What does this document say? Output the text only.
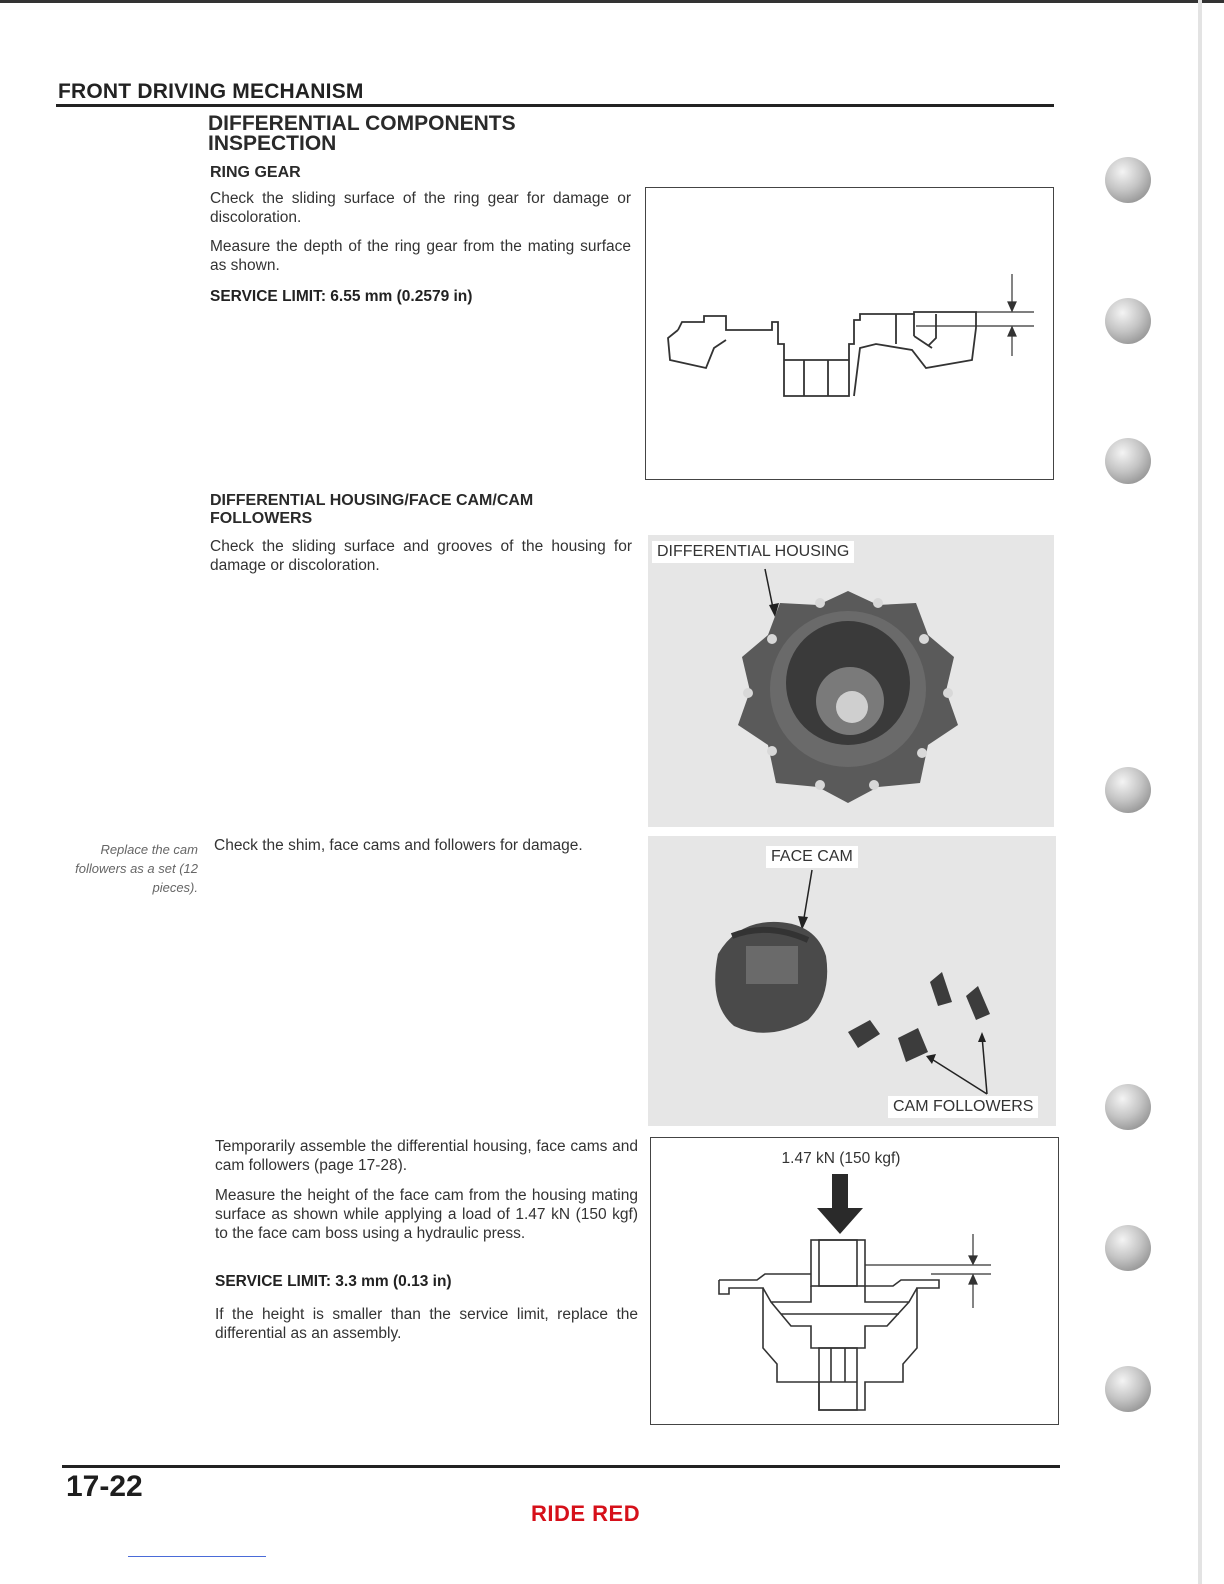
FRONT DRIVING MECHANISM
DIFFERENTIAL COMPONENTS
INSPECTION
RING GEAR
Check the sliding surface of the ring gear for damage or discoloration.
Measure the depth of the ring gear from the mating surface as shown.
SERVICE LIMIT: 6.55 mm (0.2579 in)
DIFFERENTIAL HOUSING/FACE CAM/CAM
FOLLOWERS
Check the sliding surface and grooves of the housing for damage or discoloration.
DIFFERENTIAL HOUSING
Replace the cam followers as a set (12 pieces).
Check the shim, face cams and followers for damage.
FACE CAM
CAM FOLLOWERS
Temporarily assemble the differential housing, face cams and cam followers (page 17-28).
Measure the height of the face cam from the housing mating surface as shown while applying a load of 1.47 kN (150 kgf) to the face cam boss using a hydraulic press.
SERVICE LIMIT: 3.3 mm (0.13 in)
If the height is smaller than the service limit, replace the differential as an assembly.
1.47 kN (150 kgf)
17-22
RIDE RED
